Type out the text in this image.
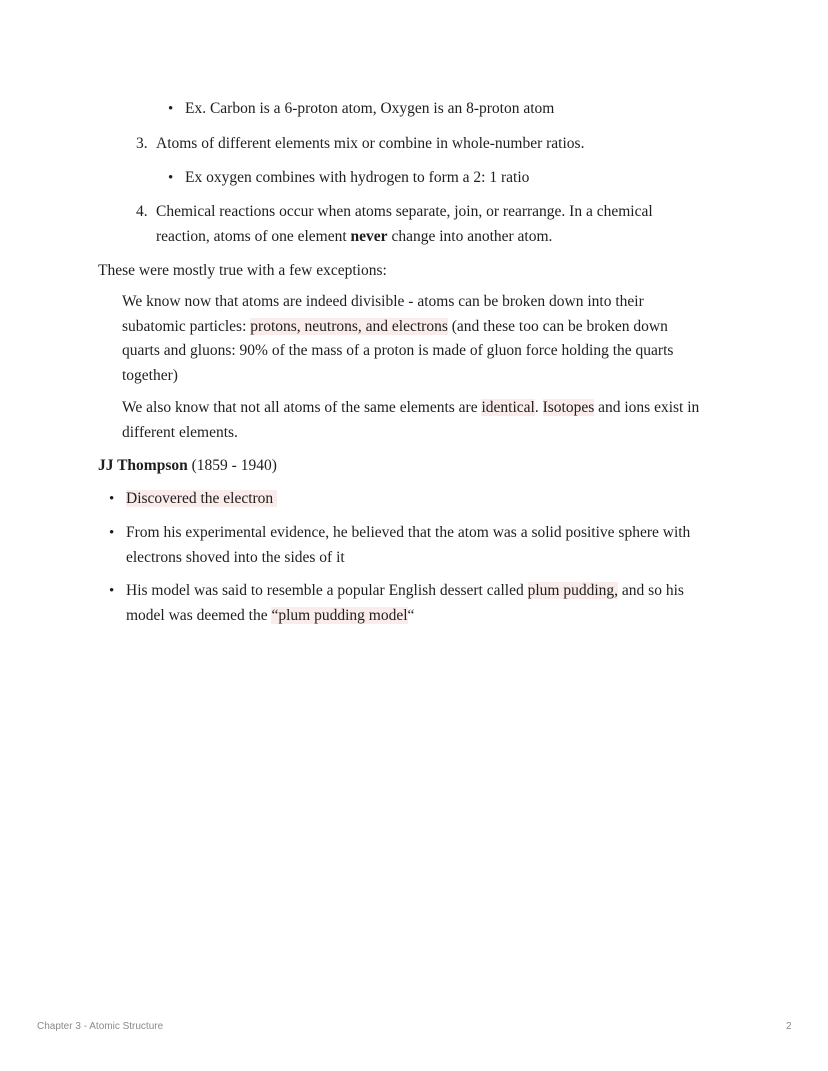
• Ex. Carbon is a 6-proton atom, Oxygen is an 8-proton atom
3. Atoms of different elements mix or combine in whole-number ratios.
• Ex oxygen combines with hydrogen to form a 2: 1 ratio
4. Chemical reactions occur when atoms separate, join, or rearrange. In a chemical
reaction, atoms of one element never change into another atom.
These were mostly true with a few exceptions:
We know now that atoms are indeed divisible - atoms can be broken down into their
subatomic particles: protons, neutrons, and electrons (and these too can be broken down
quarts and gluons: 90% of the mass of a proton is made of gluon force holding the quarts
together)
We also know that not all atoms of the same elements are identical. Isotopes and ions exist in
different elements.
JJ Thompson (1859 - 1940)
• Discovered the electron
• From his experimental evidence, he believed that the atom was a solid positive sphere with
electrons shoved into the sides of it
• His model was said to resemble a popular English dessert called plum pudding, and so his
model was deemed the “plum pudding model“
Chapter 3 - Atomic Structure	2
